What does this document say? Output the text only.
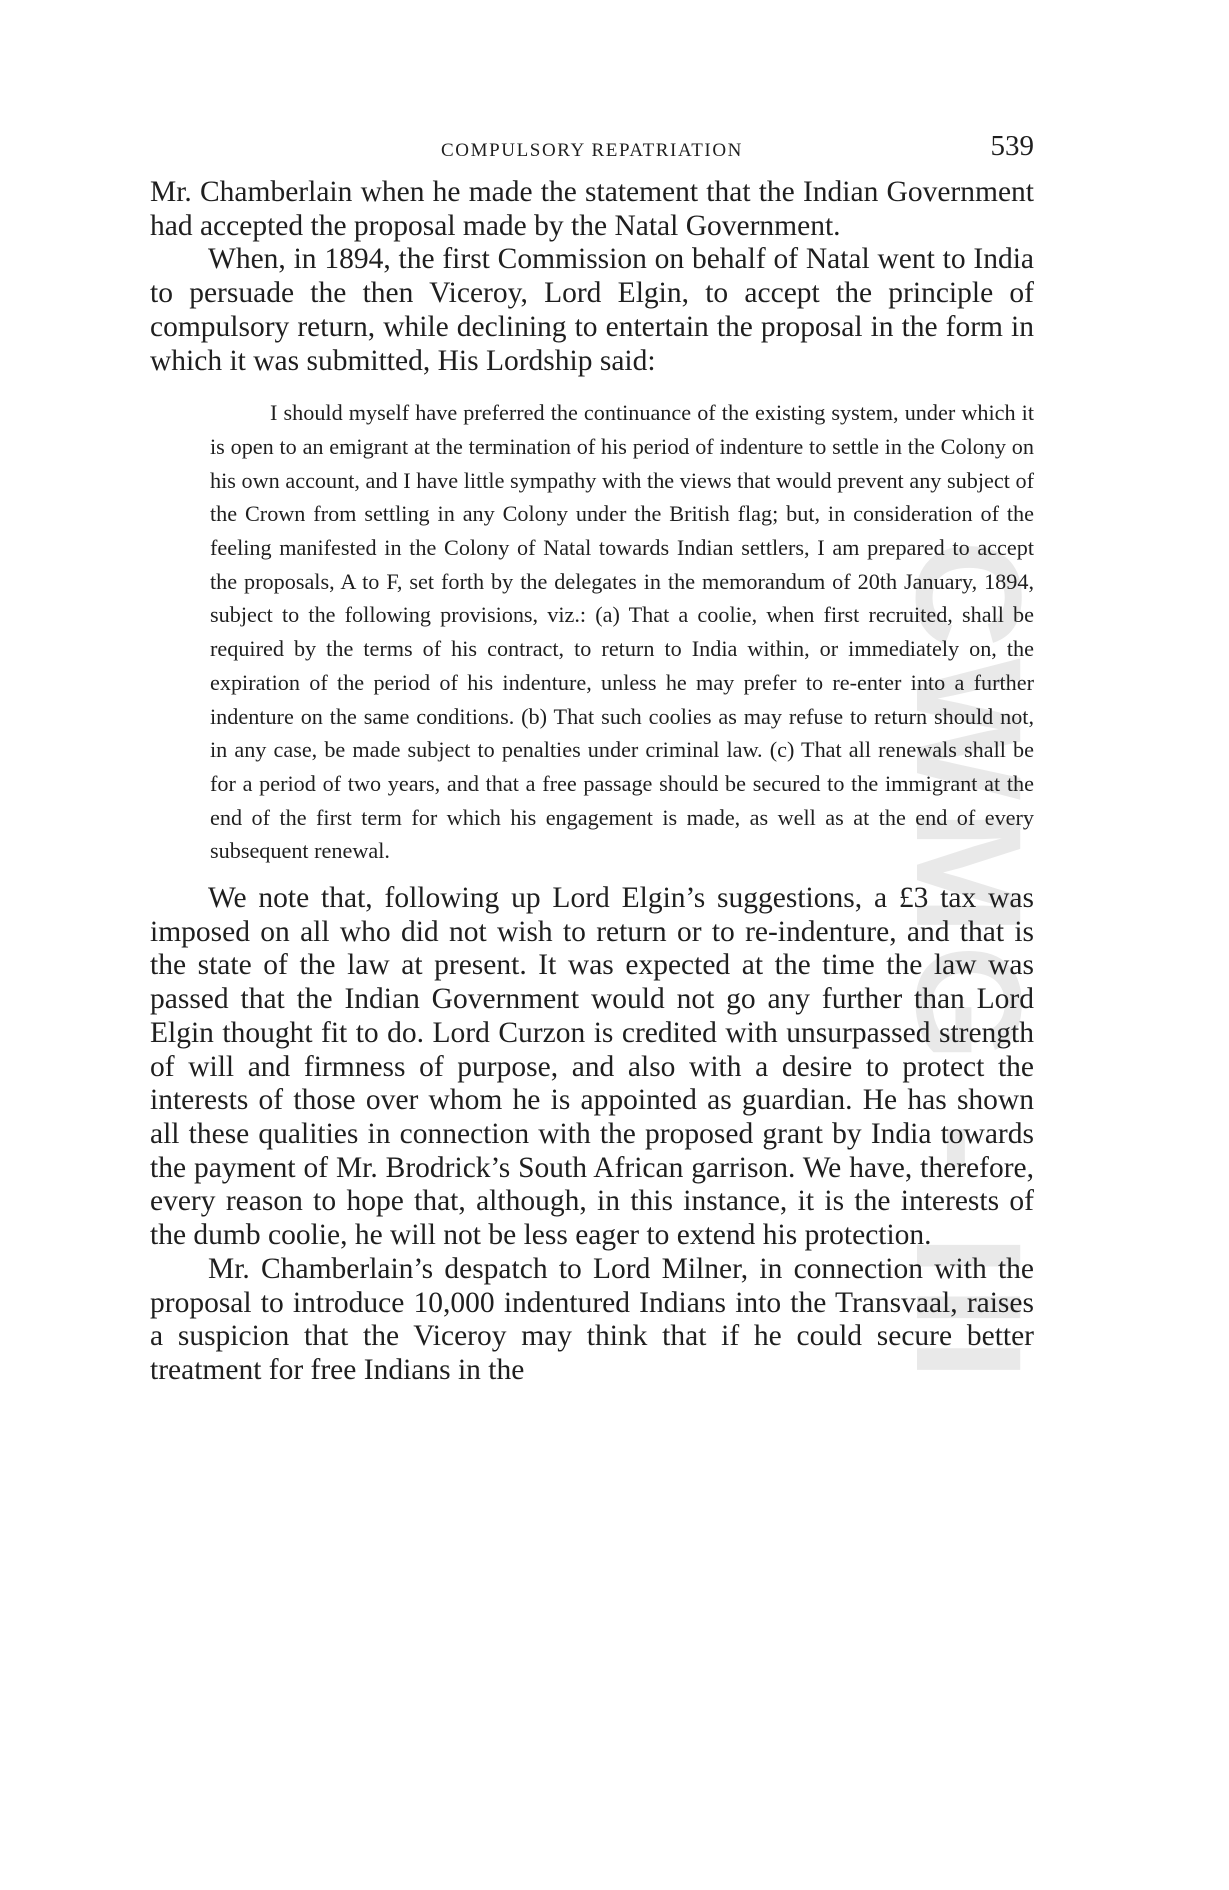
CWMG - III
COMPULSORY REPATRIATION	539

Mr. Chamberlain when he made the statement that the Indian Government had accepted the proposal made by the Natal Government.

When, in 1894, the first Commission on behalf of Natal went to India to persuade the then Viceroy, Lord Elgin, to accept the principle of compulsory return, while declining to entertain the proposal in the form in which it was submitted, His Lordship said:

I should myself have preferred the continuance of the existing system, under which it is open to an emigrant at the termination of his period of indenture to settle in the Colony on his own account, and I have little sympathy with the views that would prevent any subject of the Crown from settling in any Colony under the British flag; but, in consideration of the feeling manifested in the Colony of Natal towards Indian settlers, I am prepared to accept the proposals, A to F, set forth by the delegates in the memorandum of 20th January, 1894, subject to the following provisions, viz.: (a) That a coolie, when first recruited, shall be required by the terms of his contract, to return to India within, or immediately on, the expiration of the period of his indenture, unless he may prefer to re-enter into a further indenture on the same conditions. (b) That such coolies as may refuse to return should not, in any case, be made subject to penalties under criminal law. (c) That all renewals shall be for a period of two years, and that a free passage should be secured to the immigrant at the end of the first term for which his engagement is made, as well as at the end of every subsequent renewal.

We note that, following up Lord Elgin’s suggestions, a £3 tax was imposed on all who did not wish to return or to re-indenture, and that is the state of the law at present. It was expected at the time the law was passed that the Indian Government would not go any further than Lord Elgin thought fit to do. Lord Curzon is credited with unsurpassed strength of will and firmness of purpose, and also with a desire to protect the interests of those over whom he is appointed as guardian. He has shown all these qualities in connection with the proposed grant by India towards the payment of Mr. Brodrick’s South African garrison. We have, therefore, every reason to hope that, although, in this instance, it is the interests of the dumb coolie, he will not be less eager to extend his protection.

Mr. Chamberlain’s despatch to Lord Milner, in connection with the proposal to introduce 10,000 indentured Indians into the Transvaal, raises a suspicion that the Viceroy may think that if he could secure better treatment for free Indians in the
